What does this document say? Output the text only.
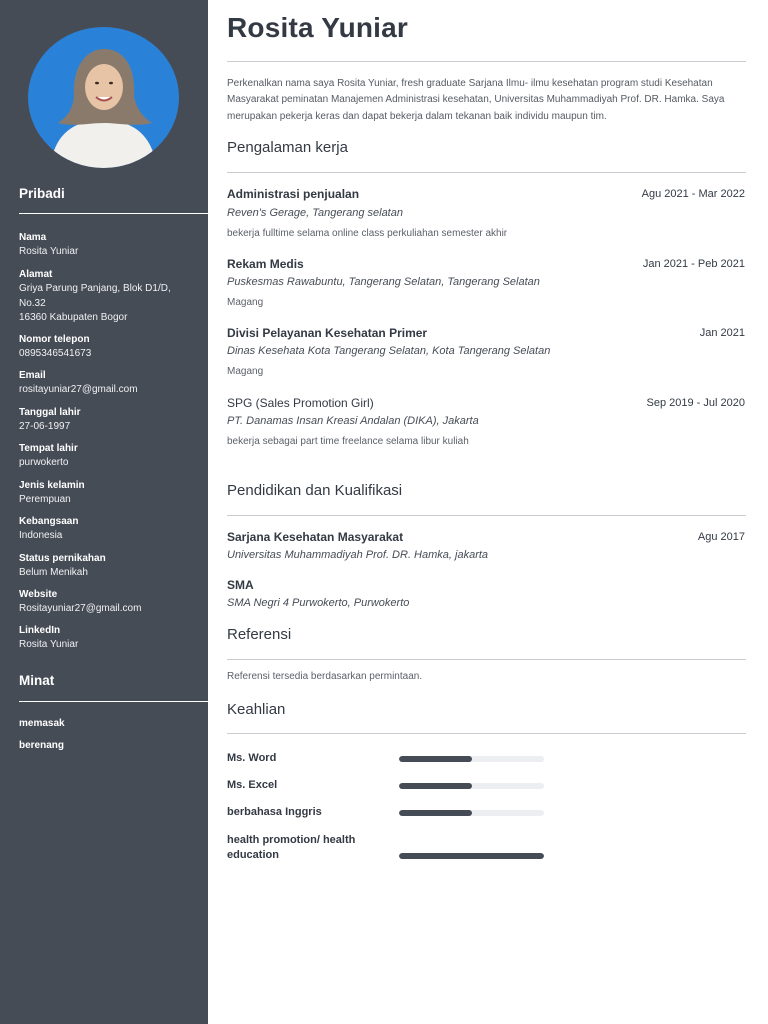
Pribadi
Nama
Rosita Yuniar
Alamat
Griya Parung Panjang, Blok D1/D, No.32
16360 Kabupaten Bogor
Nomor telepon
0895346541673
Email
rositayuniar27@gmail.com
Tanggal lahir
27-06-1997
Tempat lahir
purwokerto
Jenis kelamin
Perempuan
Kebangsaan
Indonesia
Status pernikahan
Belum Menikah
Website
Rositayuniar27@gmail.com
LinkedIn
Rosita Yuniar
Minat
memasak
berenang
Rosita Yuniar

Perkenalkan nama saya Rosita Yuniar, fresh graduate Sarjana Ilmu- ilmu kesehatan program studi Kesehatan Masyarakat peminatan Manajemen Administrasi kesehatan, Universitas Muhammadiyah Prof. DR. Hamka. Saya merupakan pekerja keras dan dapat bekerja dalam tekanan baik individu maupun tim.

Pengalaman kerja
Administrasi penjualan	Agu 2021 - Mar 2022
Reven's Gerage, Tangerang selatan
bekerja fulltime selama online class perkuliahan semester akhir
Rekam Medis	Jan 2021 - Peb 2021
Puskesmas Rawabuntu, Tangerang Selatan, Tangerang Selatan
Magang
Divisi Pelayanan Kesehatan Primer	Jan 2021
Dinas Kesehata Kota Tangerang Selatan, Kota Tangerang Selatan
Magang
SPG (Sales Promotion Girl)	Sep 2019 - Jul 2020
PT. Danamas Insan Kreasi Andalan (DIKA), Jakarta
bekerja sebagai part time freelance selama libur kuliah
Pendidikan dan Kualifikasi
Sarjana Kesehatan Masyarakat	Agu 2017
Universitas Muhammadiyah Prof. DR. Hamka, jakarta
SMA
SMA Negri 4 Purwokerto, Purwokerto
Referensi
Referensi tersedia berdasarkan permintaan.
Keahlian
Ms. Word
Ms. Excel
berbahasa Inggris
health promotion/ health education
